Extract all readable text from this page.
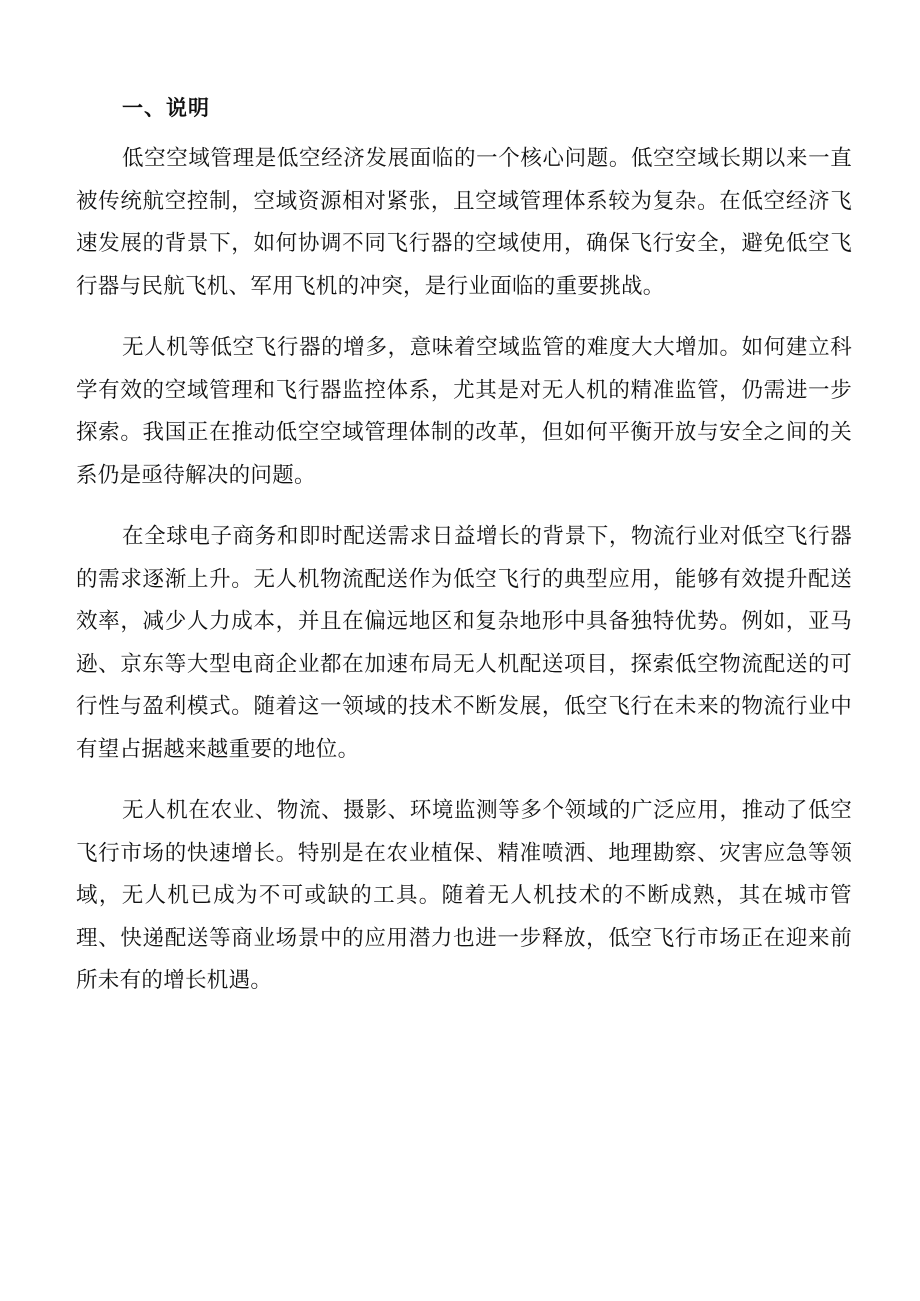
一、说明

低空空域管理是低空经济发展面临的一个核心问题。低空空域长期以来一直被传统航空控制，空域资源相对紧张，且空域管理体系较为复杂。在低空经济飞速发展的背景下，如何协调不同飞行器的空域使用，确保飞行安全，避免低空飞行器与民航飞机、军用飞机的冲突，是行业面临的重要挑战。

无人机等低空飞行器的增多，意味着空域监管的难度大大增加。如何建立科学有效的空域管理和飞行器监控体系，尤其是对无人机的精准监管，仍需进一步探索。我国正在推动低空空域管理体制的改革，但如何平衡开放与安全之间的关系仍是亟待解决的问题。

在全球电子商务和即时配送需求日益增长的背景下，物流行业对低空飞行器的需求逐渐上升。无人机物流配送作为低空飞行的典型应用，能够有效提升配送效率，减少人力成本，并且在偏远地区和复杂地形中具备独特优势。例如，亚马逊、京东等大型电商企业都在加速布局无人机配送项目，探索低空物流配送的可行性与盈利模式。随着这一领域的技术不断发展，低空飞行在未来的物流行业中有望占据越来越重要的地位。

无人机在农业、物流、摄影、环境监测等多个领域的广泛应用，推动了低空飞行市场的快速增长。特别是在农业植保、精准喷洒、地理勘察、灾害应急等领域，无人机已成为不可或缺的工具。随着无人机技术的不断成熟，其在城市管理、快递配送等商业场景中的应用潜力也进一步释放，低空飞行市场正在迎来前所未有的增长机遇。
